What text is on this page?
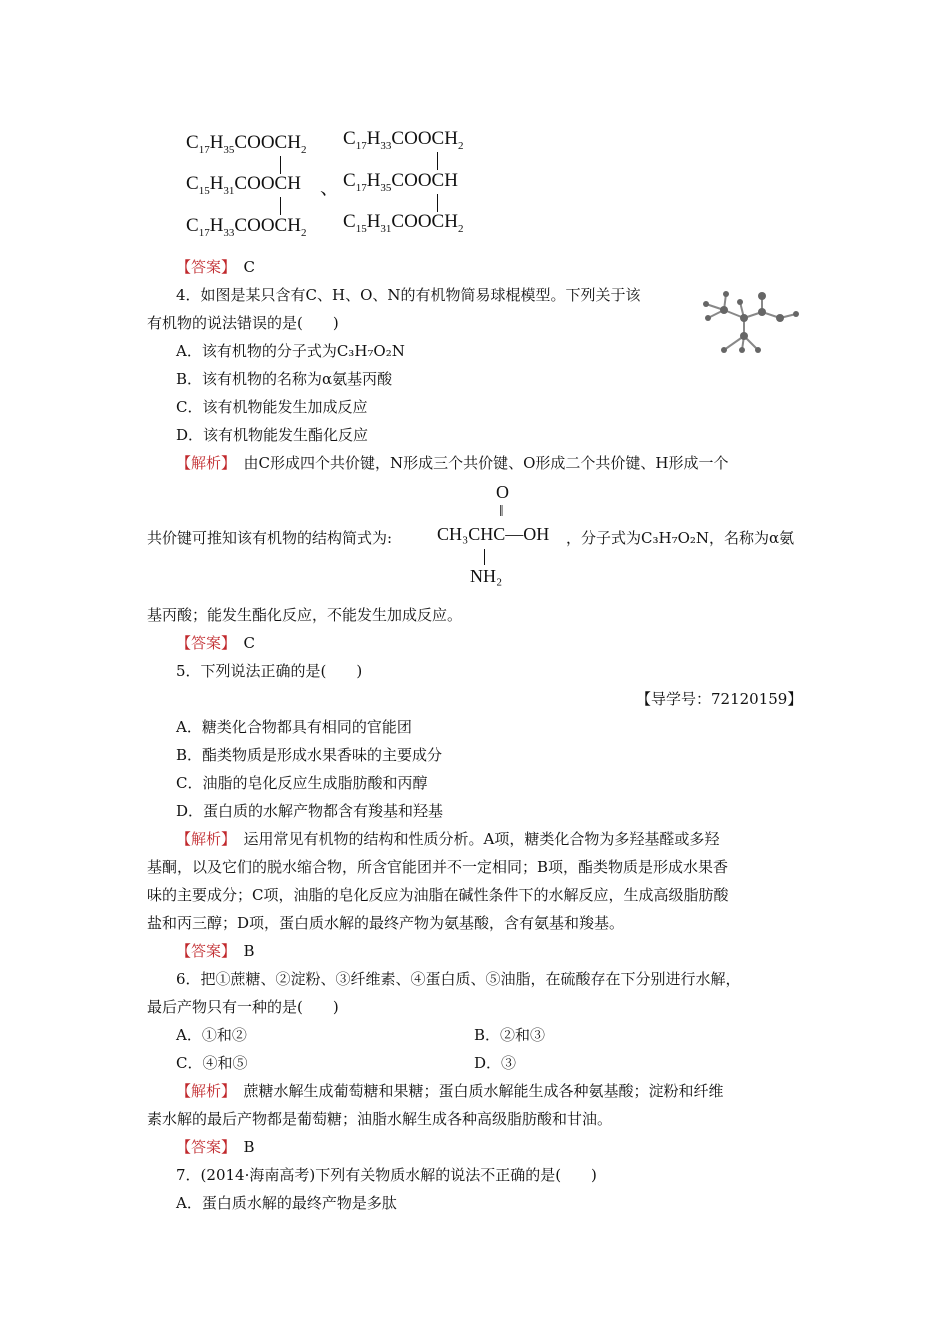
$C_{17}H_{35}COOCH_2$
$C_{15}H_{31}COOCH$
$C_{17}H_{33}COOCH_2$
、
$C_{17}H_{33}COOCH_2$
$C_{17}H_{35}COOCH$
$C_{15}H_{31}COOCH_2$
【答案】　 C
4．如图是某只含有C、H、O、N的有机物简易球棍模型。下列关于该
有机物的说法错误的是(　　)
A．该有机物的分子式为C₃H₇O₂N
B．该有机物的名称为α氨基丙酸
C．该有机物能发生加成反应
D．该有机物能发生酯化反应
【解析】　由C形成四个共价键，N形成三个共价键、O形成二个共价键、H形成一个
O
‖
共价键可推知该有机物的结构简式为: CH₃CHC—OH
NH₂
，分子式为C₃H₇O₂N，名称为α氨
基丙酸；能发生酯化反应，不能发生加成反应。
【答案】　 C
5．下列说法正确的是(　　)
【导学号：72120159】
A．糖类化合物都具有相同的官能团
B．酯类物质是形成水果香味的主要成分
C．油脂的皂化反应生成脂肪酸和丙醇
D．蛋白质的水解产物都含有羧基和羟基
【解析】　运用常见有机物的结构和性质分析。A项，糖类化合物为多羟基醛或多羟
基酮，以及它们的脱水缩合物，所含官能团并不一定相同；B项，酯类物质是形成水果香
味的主要成分；C项，油脂的皂化反应为油脂在碱性条件下的水解反应，生成高级脂肪酸
盐和丙三醇；D项，蛋白质水解的最终产物为氨基酸，含有氨基和羧基。
【答案】　 B
6．把①蔗糖、②淀粉、③纤维素、④蛋白质、⑤油脂，在硫酸存在下分别进行水解，
最后产物只有一种的是(　　)
A．①和②	B．②和③
C．④和⑤	D．③
【解析】　蔗糖水解生成葡萄糖和果糖；蛋白质水解能生成各种氨基酸；淀粉和纤维
素水解的最后产物都是葡萄糖；油脂水解生成各种高级脂肪酸和甘油。
【答案】　 B
7．(2014·海南高考)下列有关物质水解的说法不正确的是(　　)
A．蛋白质水解的最终产物是多肽
